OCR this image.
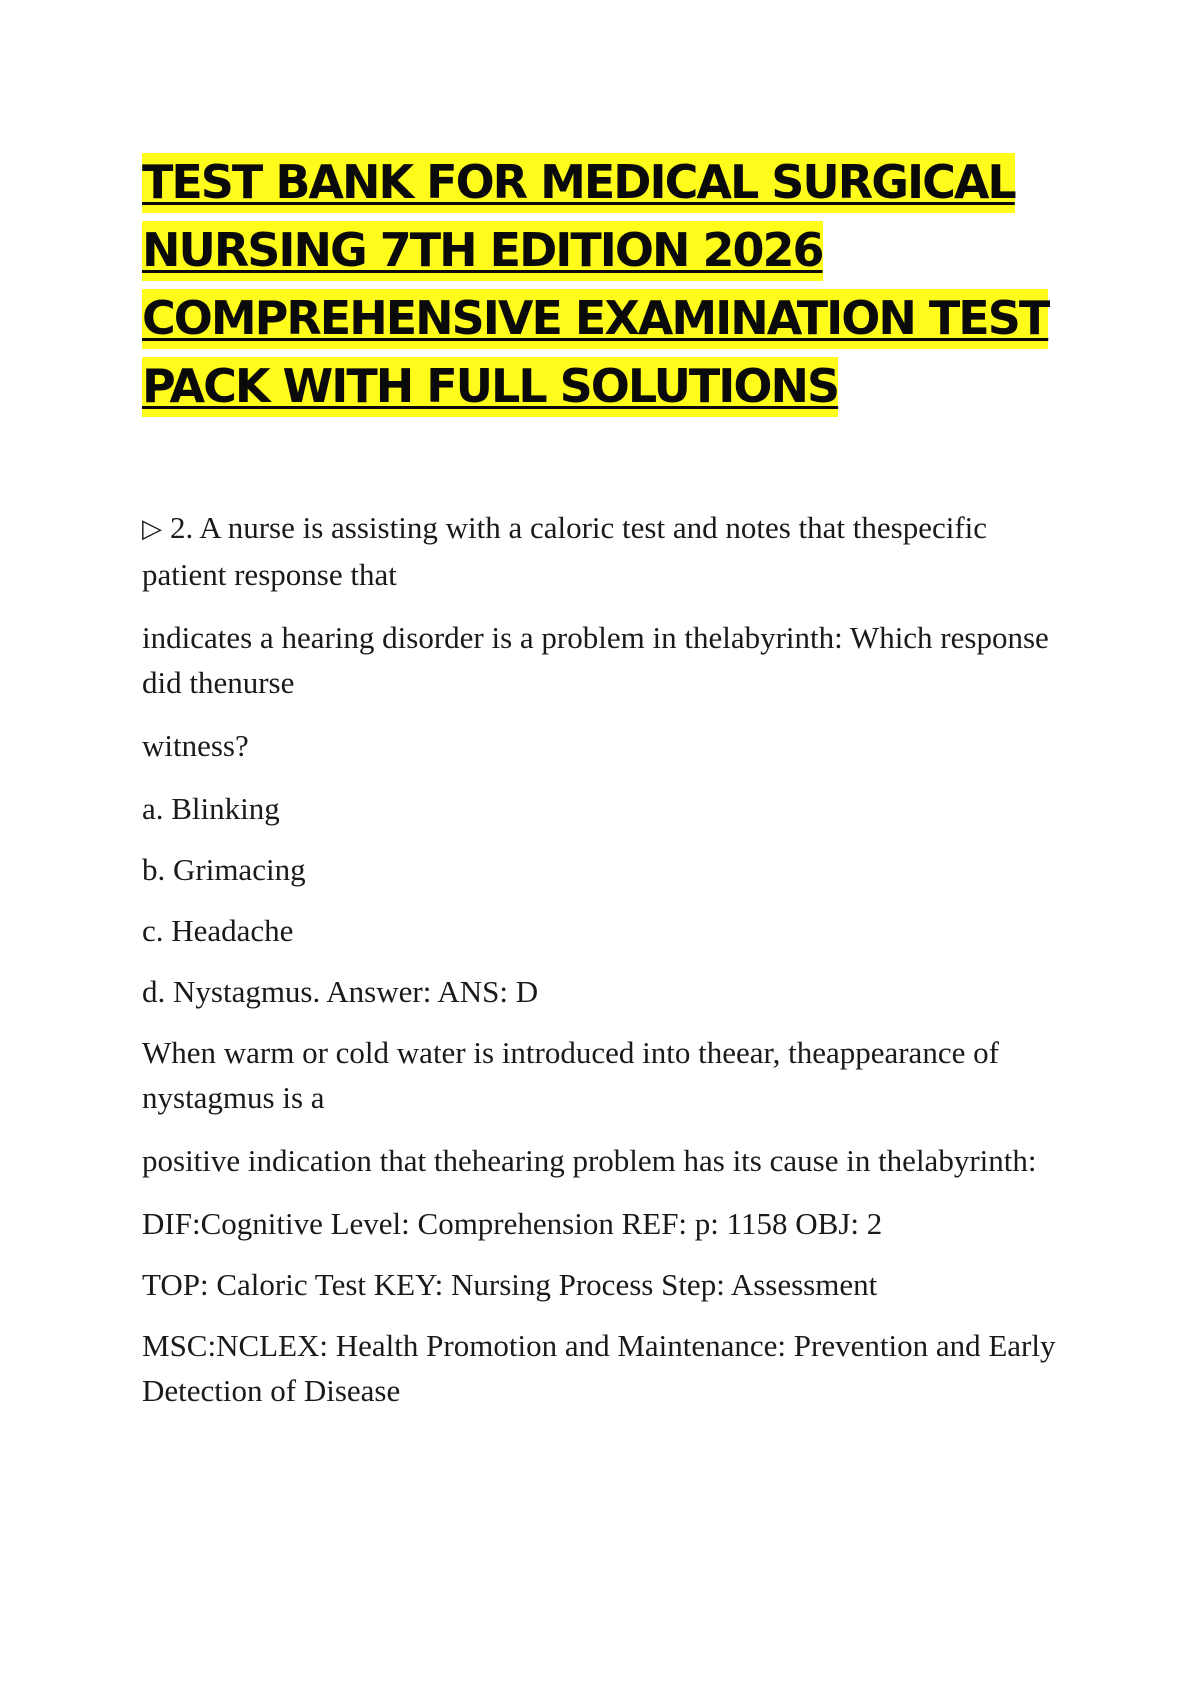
TEST BANK FOR MEDICAL SURGICAL
NURSING 7TH EDITION 2026
COMPREHENSIVE EXAMINATION TEST
PACK WITH FULL SOLUTIONS

▷ 2. A nurse is assisting with a caloric test and notes that thespecific patient response that

indicates a hearing disorder is a problem in thelabyrinth: Which response did thenurse

witness?

a. Blinking

b. Grimacing

c. Headache

d. Nystagmus. Answer: ANS: D

When warm or cold water is introduced into theear, theappearance of nystagmus is a

positive indication that thehearing problem has its cause in thelabyrinth:

DIF:Cognitive Level: Comprehension REF: p: 1158 OBJ: 2

TOP: Caloric Test KEY: Nursing Process Step: Assessment

MSC:NCLEX: Health Promotion and Maintenance: Prevention and Early Detection of Disease
